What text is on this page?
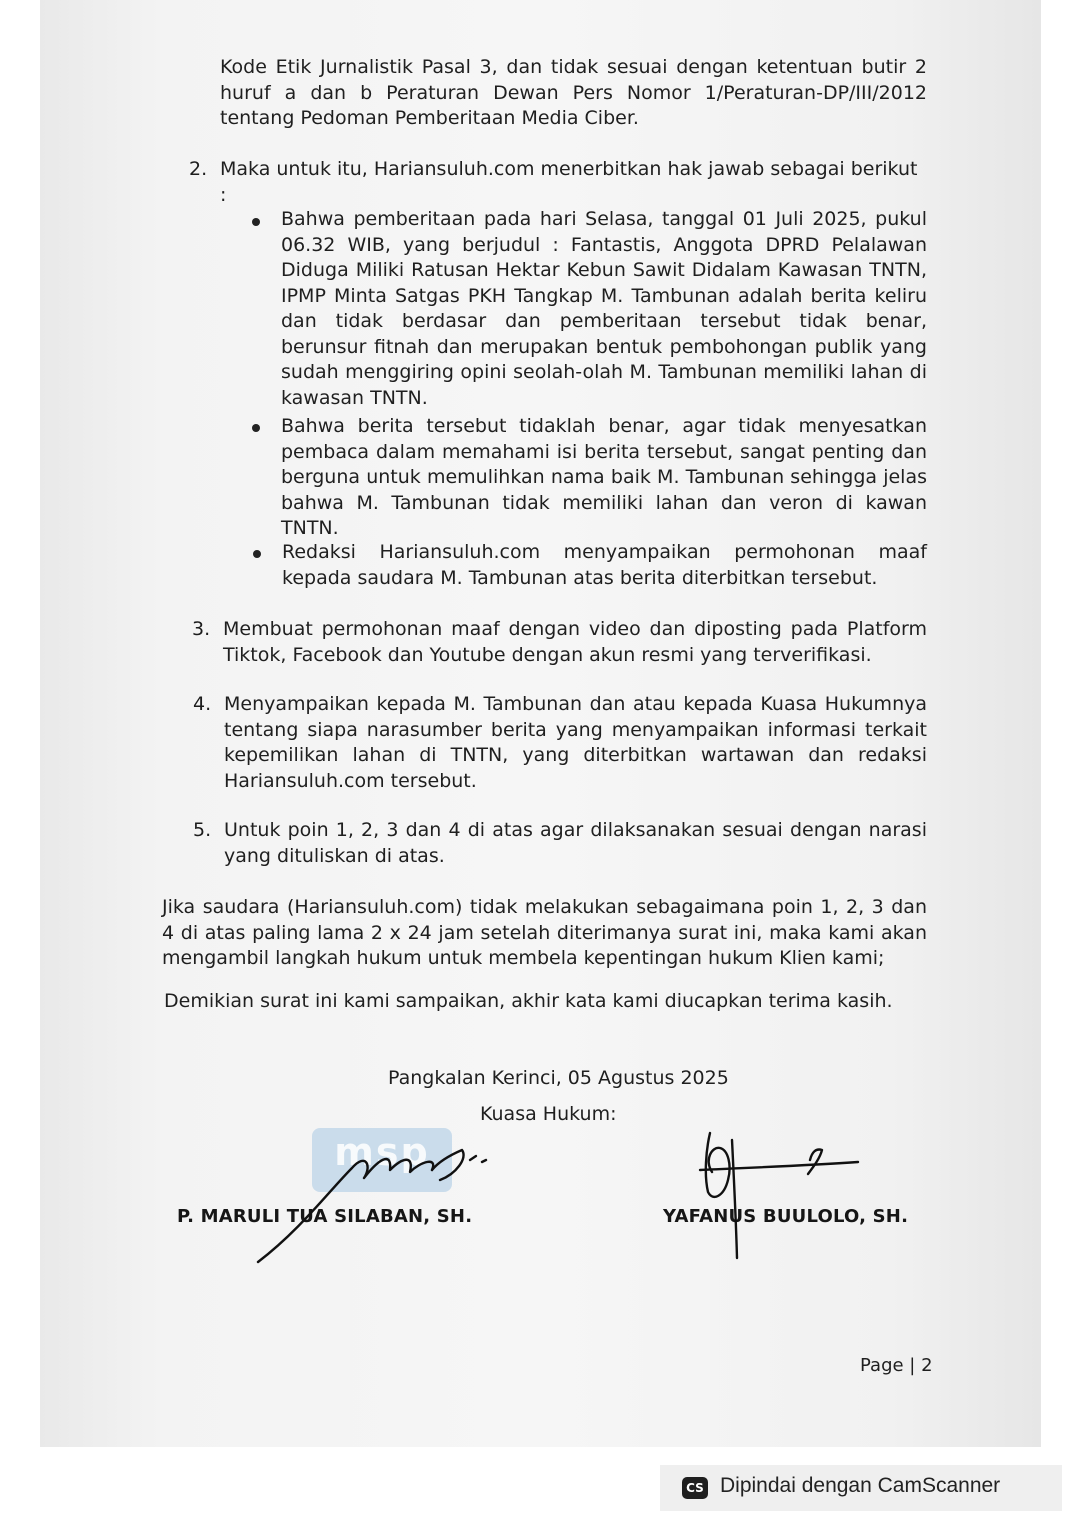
Kode Etik Jurnalistik Pasal 3, dan tidak sesuai dengan ketentuan butir 2 huruf a dan b Peraturan Dewan Pers Nomor 1/Peraturan-DP/III/2012 tentang Pedoman Pemberitaan Media Ciber.
2. Maka untuk itu, Hariansuluh.com menerbitkan hak jawab sebagai berikut :
Bahwa pemberitaan pada hari Selasa, tanggal 01 Juli 2025, pukul 06.32 WIB, yang berjudul : Fantastis, Anggota DPRD Pelalawan Diduga Miliki Ratusan Hektar Kebun Sawit Didalam Kawasan TNTN, IPMP Minta Satgas PKH Tangkap M. Tambunan adalah berita keliru dan tidak berdasar dan pemberitaan tersebut tidak benar, berunsur fitnah dan merupakan bentuk pembohongan publik yang sudah menggiring opini seolah-olah M. Tambunan memiliki lahan di kawasan TNTN.
Bahwa berita tersebut tidaklah benar, agar tidak menyesatkan pembaca dalam memahami isi berita tersebut, sangat penting dan berguna untuk memulihkan nama baik M. Tambunan sehingga jelas bahwa M. Tambunan tidak memiliki lahan dan veron di kawan TNTN.
Redaksi Hariansuluh.com menyampaikan permohonan maaf kepada saudara M. Tambunan atas berita diterbitkan tersebut.
3. Membuat permohonan maaf dengan video dan diposting pada Platform Tiktok, Facebook dan Youtube dengan akun resmi yang terverifikasi.
4. Menyampaikan kepada M. Tambunan dan atau kepada Kuasa Hukumnya tentang siapa narasumber berita yang menyampaikan informasi terkait kepemilikan lahan di TNTN, yang diterbitkan wartawan dan redaksi Hariansuluh.com tersebut.
5. Untuk poin 1, 2, 3 dan 4 di atas agar dilaksanakan sesuai dengan narasi yang dituliskan di atas.
Jika saudara (Hariansuluh.com) tidak melakukan sebagaimana poin 1, 2, 3 dan 4 di atas paling lama 2 x 24 jam setelah diterimanya surat ini, maka kami akan mengambil langkah hukum untuk membela kepentingan hukum Klien kami;
Demikian surat ini kami sampaikan, akhir kata kami diucapkan terima kasih.
Pangkalan Kerinci, 05 Agustus 2025
Kuasa Hukum:
msp
P. MARULI TUA SILABAN, SH.	YAFANUS BUULOLO, SH.
Page | 2
CS Dipindai dengan CamScanner
